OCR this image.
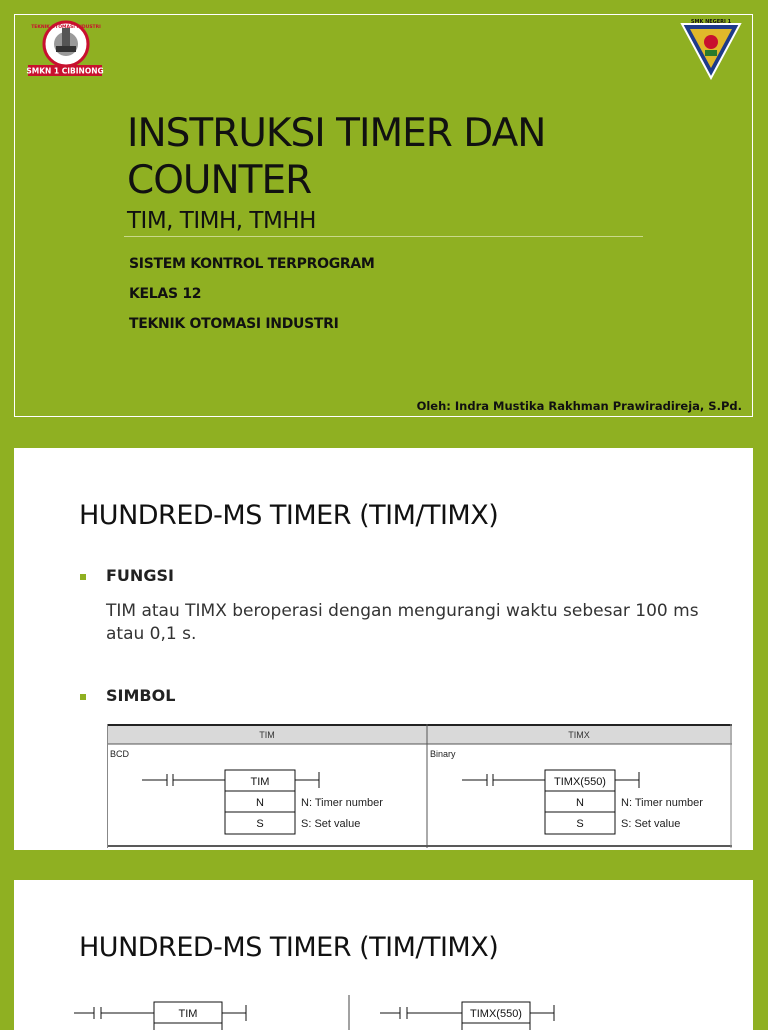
TEKNIK OTOMASI INDUSTRI
SMKN 1 CIBINONG
SMK NEGERI 1
INSTRUKSI TIMER DAN
COUNTER
TIM, TIMH, TMHH
SISTEM KONTROL TERPROGRAM
KELAS 12
TEKNIK OTOMASI INDUSTRI
Oleh: Indra Mustika Rakhman Prawiradireja, S.Pd.
HUNDRED-MS TIMER (TIM/TIMX)
FUNGSI
TIM atau TIMX beroperasi dengan mengurangi waktu sebesar 100 ms atau 0,1 s.
SIMBOL
TIM	TIMX
BCD	Binary
TIM
N
S
N: Timer number
S: Set value
TIMX(550)
N
S
N: Timer number
S: Set value
HUNDRED-MS TIMER (TIM/TIMX)
TIM	TIMX(550)
